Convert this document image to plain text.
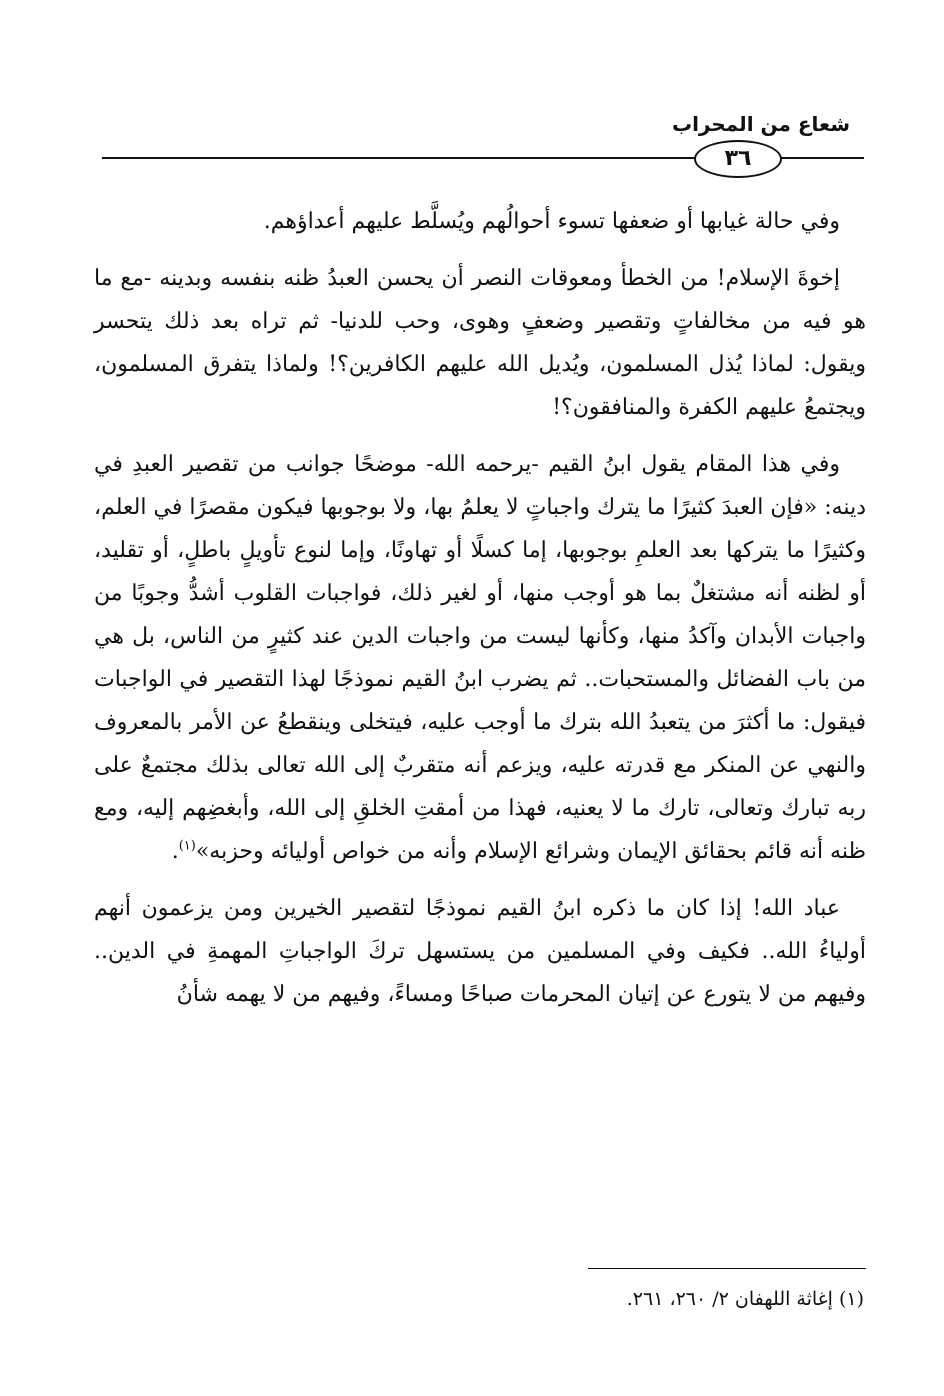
شعاع من المحراب
٣٦

وفي حالة غيابها أو ضعفها تسوء أحوالُهم ويُسلَّط عليهم أعداؤهم.

إخوةَ الإسلام! من الخطأ ومعوقات النصر أن يحسن العبدُ ظنه بنفسه وبدينه -مع ما هو فيه من مخالفاتٍ وتقصير وضعفٍ وهوى، وحب للدنيا- ثم تراه بعد ذلك يتحسر ويقول: لماذا يُذل المسلمون، ويُديل الله عليهم الكافرين؟! ولماذا يتفرق المسلمون، ويجتمعُ عليهم الكفرة والمنافقون؟!

وفي هذا المقام يقول ابنُ القيم -يرحمه الله- موضحًا جوانب من تقصير العبدِ في دينه: «فإن العبدَ كثيرًا ما يترك واجباتٍ لا يعلمُ بها، ولا بوجوبها فيكون مقصرًا في العلم، وكثيرًا ما يتركها بعد العلمِ بوجوبها، إما كسلًا أو تهاونًا، وإما لنوع تأويلٍ باطلٍ، أو تقليد، أو لظنه أنه مشتغلٌ بما هو أوجب منها، أو لغير ذلك، فواجبات القلوب أشدُّ وجوبًا من واجبات الأبدان وآكدُ منها، وكأنها ليست من واجبات الدين عند كثيرٍ من الناس، بل هي من باب الفضائل والمستحبات.. ثم يضرب ابنُ القيم نموذجًا لهذا التقصير في الواجبات فيقول: ما أكثرَ من يتعبدُ الله بترك ما أوجب عليه، فيتخلى وينقطعُ عن الأمر بالمعروف والنهي عن المنكر مع قدرته عليه، ويزعم أنه متقربٌ إلى الله تعالى بذلك مجتمعٌ على ربه تبارك وتعالى، تارك ما لا يعنيه، فهذا من أمقتِ الخلقِ إلى الله، وأبغضِهم إليه، ومع ظنه أنه قائم بحقائق الإيمان وشرائع الإسلام وأنه من خواص أوليائه وحزبه»$^{(١)}$.

عباد الله! إذا كان ما ذكره ابنُ القيم نموذجًا لتقصير الخيرين ومن يزعمون أنهم أولياءُ الله.. فكيف وفي المسلمين من يستسهل تركَ الواجباتِ المهمةِ في الدين.. وفيهم من لا يتورع عن إتيان المحرمات صباحًا ومساءً، وفيهم من لا يهمه شأنُ

(١) إغاثة اللهفان ٢/ ٢٦٠، ٢٦١.
